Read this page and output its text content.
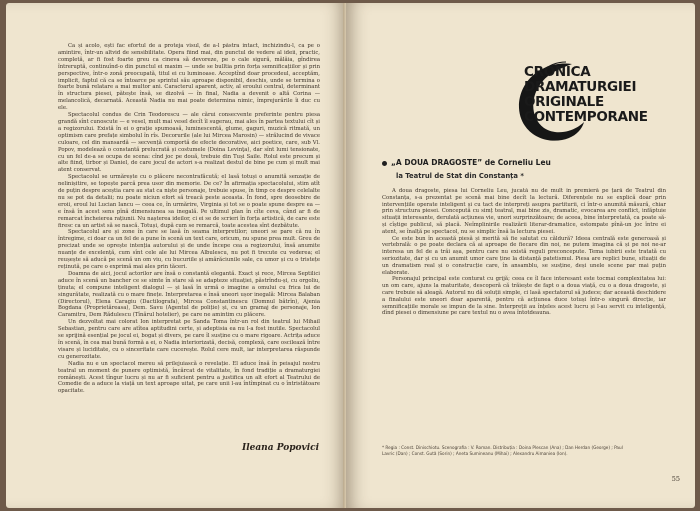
Ca și acolo, ești fac efortul de a proteja visul, de a-l păstra intact, inchizîndu-l, ca pe o amintire, într-un altvid de sensibilitate. Opera fiind mai, din punctul de vedere al ideii, practic, completă, ar fi fost foarte greu ca cineva să devoreze, pe o cale sigură, mălăia, gîndirea întreruptă, continuînd-o din punctul ei maxim — unde se bulltia prin forța semnificațiilor și prin perspective, într-o zonă preocupată, titul ei cu luminoase. Acceptînd doar procedeul, acceptăm, implicit, faptul că ca se întoarce pe sprintul său aproape disponibil, deschis, unde se termina o foarte bună relatare a mai multor ani. Caracterul aparent, activ, al eroului central, determinant în structura piesei, pătește însă, se dizolvă — în final, Nadia a devenit o altă Corina — melancolică, decarnată. Această Nadia nu mai poate determina nimic, împrejurările îi duc cu ele.

Spectacolul condus de Crin Teodorescu — ale cărui consecvente preferinte pentru piesa grandă sînt cunoscute — e vesel, mult mai vesel decît îl sugerau, mai ales în partea textului cît și a regizorului. Există în ei o grație spumoasă, luminescentă, glume, gaguri, muzică ritmată, un optimism care prefațe simbolul în rîs. Decorurile (ale lui Mircea Marosin) — strălucind de vivace culoare, cel din mansardă — secvență comportă de efecte decorative, aici poetice, care, sub Vl. Popov, modelează o constantă prelucrată și costumele (Doina Levinţa), dar sînt lumi tensionate, cu un fel de-a se ocupa de scena: cînd joc pe două, trebuie din Tuși Saile. Rolul este precum și alte fiind, tirbor și Daniel, de care jocul de actori s-a realizat destul de bine pe cum și mult mai atent conservat.

Spectacolul se urmărește cu o plăcere necontrafăcută; el lasă totuși o anumită senzație de nelinișitire, se topește parcă prea usor din memorie. De ce? În afirmația spectacolului, stim atît de puțin despre aceștia care au stat ca niște personaje, trebuie spuse, în timp ce despre celelalte nu se pot da detalii; nu poate niciun efort să treacă peste aceasta. În fond, spre deosebire de eroii, eroul lui Lucian Iancu — ceea ce, în urmărire, Virginia și tot se o poate spune despre ea — e însă în acest sens pînă dimensiunea sa inegală. Pe ultimul plan în cîte ceva, când ar fi de remarcat încheierea rațiunii. Nu nașterea ideilor, ci ei se de scrieri în forța artistică, de care este firesc ca un artist să se nască. Totuși, după cum se remarcă, toate acestea sînt dezbătute.

Spectacolul are și zone în care se lasă în seama interpretilor; uneori se pare că nu în întregime, ci doar ca un fel de a pune în scenă un text care, oricum, nu spune prea mult. Greu de precizat unde se oprește intenția autorului și de unde începe cea a regizorului, însă anumite nuanțe de excelență, cum sînt cele ale lui Mircea Albulescu, nu pot fi trecute cu vederea; el reușește să aducă pe scenă un om viu, cu bucuriile și amărăciunile sale, cu umor și cu o tristețe reținută, pe care o exprimă mai ales prin tăceri.

Doamna de aici, jocul actorilor are însă o constantă elegantă. Exact și rece, Mircea Septilici aduce în scenă un bancher ce se simte în stare să se adapteze situației, păstrîndu-și, cu orgoliu, ținuta; el compune inteligent dialogul — și lasă în urmă o imagine a omului cu frica lui de singurătate, realizată cu o mare finețe. Interpretarea e însă uneori ușor inegală: Mircea Balaban (Directorul), Elena Caragiu (Dactilografa), Mircea Constantinescu (Domnul bătrîn), Ajenia Bogdana (Proprietăreasa), Dem. Savu (Agentul de poliție) și, cu un gramaj de personaje, Ion Caramitru, Dem Rădulescu (Tînărul hotelier), pe care ne amintim cu plăcere.

Un dezvoltat mai colorat Ion interpretat pe Sanda Toma într-un rol din teatrul lui Mihail Sebastian, pentru care are atîtea aptitudini certe, și adeptisia ea nu l-a fost inutile. Spectacolul se sprijină esențial pe jocul ei, bogat și divers, pe care îl susține cu o mare rigoare. Actrița aduce în scenă, în cea mai bună formă a ei, o Nadia interiorizată, decisă, complexă, care oscilează între visare și luciditate, cu o sinceritate care cucerește. Rolul cere mult, iar interpretarea răspunde cu generozitate.

Nadia nu e un spectacol mereu să prilejuiască o revelație. El aduce însă în peisajul nostru teatral un moment de punere optimistă, încărcat de vitalitate, în fond tradiție a dramaturgiei românești. Acest tîngur lucru și nu ar fi suficient pentru a justifica un alt efort al Teatrului de Comedie de a aduce la viață un text aproape uitat, pe care unii l-au întîmpinat cu o întristătoare opacitate.

Ileana Popovici
CRONICA
DRAMATURGIEI
ORIGINALE
CONTEMPORANE
„A DOUA DRAGOSTE” de Corneliu Leu
la Teatrul de Stat din Constanța *

A doua dragoste, piesa lui Corneliu Leu, jucată nu de mult în premieră pe țară de Teatrul din Constanța, s-a prezentat pe scenă mai bine decît la lectură. Diferențele nu se explică doar prin intervențiile operate inteligent și cu tact de interpreți asupra partiturii, ci într-o anumită măsură, chiar prin structura piesei. Concepută cu simț teatral, mai bine zis, dramatic, evocarea are conflict, infăptuie situații interesante, derulată acțiunea vie, unori surprinzătoare; de aceea, bine înterpretată, ca poate să-și cîștige publicul, să placă. Neîmplinirile realizării literar-dramatice, estompate pînă-un joc între ei atent, se înalță pe spectacol, nu se simplic însă la lectura piesei.

Ce este bun în această piesă și merită să fie salutat cu căldură? Ideea centrală este generoasă și vertebrală: o pe poate declara că ai aproape de fiecare din noi, ne putem imagina că și pe noi ne-ar interesa un fel de a trăi așa, pentru care nu există reguli preconcepute. Tema iubirii este tratată cu seriozitate, dar și cu un anumit umor care ține la distanță patetismul. Piesa are replici bune, situații de un dramatism real și o construcție care, în ansamblu, se susține, deși unele scene par mai puțin elaborate.

Personajul principal este conturat cu grijă; ceea ce îl face interesant este tocmai complexitatea lui: un om care, ajuns la maturitate, descoperă că trăiește de fapt o a doua viață, cu o a doua dragoste, și care trebuie să aleagă. Autorul nu dă soluții simple, ci lasă spectatorul să judece; dar această deschidere a finalului este uneori doar aparentă, pentru că acțiunea duce totuși într-o singură direcție, iar semnificațiile morale se impun de la sine. Interpreții au înțeles acest lucru și l-au servit cu inteligență, dînd piesei o dimensiune pe care textul nu o avea întotdeauna.

* Regia : Const. Dinischiotu. Scenografia : V. Roman. Distribuția : Doina Plescan (Ana) ; Dan Herdan (George) ; Paul Lavric (Dan) ; Const. Gută (Sorin) ; Aneta Sumineanu (Mihai) ; Alexandru Aimaniea (Ion).
55
